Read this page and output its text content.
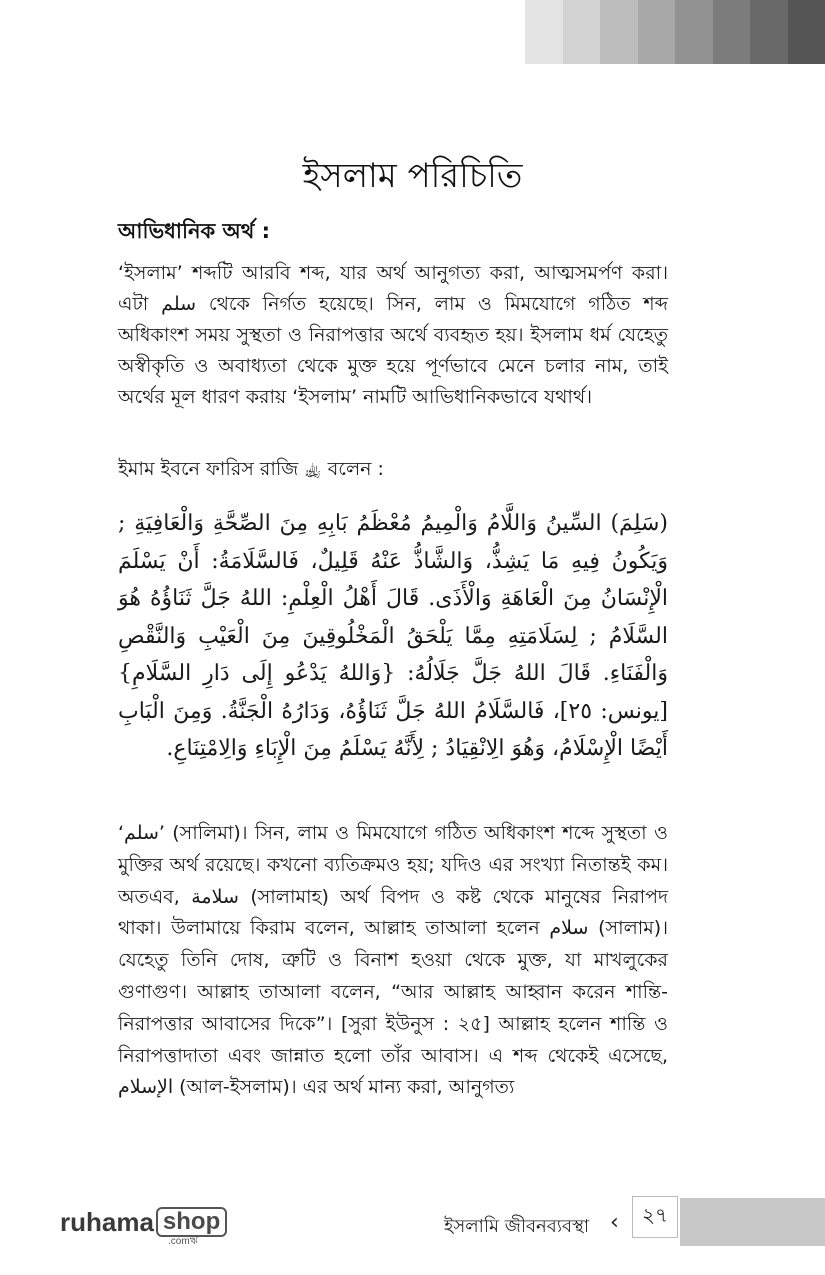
ইসলাম পরিচিতি
আভিধানিক অর্থ :
‘ইসলাম’ শব্দটি আরবি শব্দ, যার অর্থ আনুগত্য করা, আত্মসমর্পণ করা। এটা سلم থেকে নির্গত হয়েছে। সিন, লাম ও মিমযোগে গঠিত শব্দ অধিকাংশ সময় সুস্থতা ও নিরাপত্তার অর্থে ব্যবহৃত হয়। ইসলাম ধর্ম যেহেতু অস্বীকৃতি ও অবাধ্যতা থেকে মুক্ত হয়ে পূর্ণভাবে মেনে চলার নাম, তাই অর্থের মূল ধারণ করায় ‘ইসলাম’ নামটি আভিধানিকভাবে যথার্থ।
ইমাম ইবনে ফারিস রাজি ﵀ বলেন :
(سَلِمَ) السِّينُ وَاللَّامُ وَالْمِيمُ مُعْظَمُ بَابِهِ مِنَ الصِّحَّةِ وَالْعَافِيَةِ ; وَيَكُونُ فِيهِ مَا يَشِذُّ، وَالشَّاذُّ عَنْهُ قَلِيلٌ، فَالسَّلَامَةُ: أَنْ يَسْلَمَ الْإِنْسَانُ مِنَ الْعَاهَةِ وَالْأَذَى. قَالَ أَهْلُ الْعِلْمِ: اللهُ جَلَّ ثَنَاؤُهُ هُوَ السَّلَامُ ; لِسَلَامَتِهِ مِمَّا يَلْحَقُ الْمَخْلُوقِينَ مِنَ الْعَيْبِ وَالنَّقْصِ وَالْفَنَاءِ. قَالَ اللهُ جَلَّ جَلَالُهُ: {وَاللهُ يَدْعُو إِلَى دَارِ السَّلَامِ} [يونس: ٢٥]، فَالسَّلَامُ اللهُ جَلَّ ثَنَاؤُهُ، وَدَارُهُ الْجَنَّةُ. وَمِنَ الْبَابِ أَيْضًا الْإِسْلَامُ، وَهُوَ الِانْقِيَادُ ; لِأَنَّهُ يَسْلَمُ مِنَ الْإِبَاءِ وَالِامْتِنَاعِ.
‘سلم’ (সালিমা)। সিন, লাম ও মিমযোগে গঠিত অধিকাংশ শব্দে সুস্থতা ও মুক্তির অর্থ রয়েছে। কখনো ব্যতিক্রমও হয়; যদিও এর সংখ্যা নিতান্তই কম। অতএব, سلامة (সালামাহ) অর্থ বিপদ ও কষ্ট থেকে মানুষের নিরাপদ থাকা। উলামায়ে কিরাম বলেন, আল্লাহ তাআলা হলেন سلام (সালাম)। যেহেতু তিনি দোষ, ত্রুটি ও বিনাশ হওয়া থেকে মুক্ত, যা মাখলুকের গুণাগুণ। আল্লাহ তাআলা বলেন, “আর আল্লাহ আহ্বান করেন শান্তি-নিরাপত্তার আবাসের দিকে”। [সুরা ইউনুস : ২৫] আল্লাহ হলেন শান্তি ও নিরাপত্তাদাতা এবং জান্নাত হলো তাঁর আবাস। এ শব্দ থেকেই এসেছে, الإسلام (আল-ইসলাম)। এর অর্থ মান্য করা, আনুগত্য
ruhama shop
.comঋ
ইসলামি জীবনব্যবস্থা ‹	২৭
